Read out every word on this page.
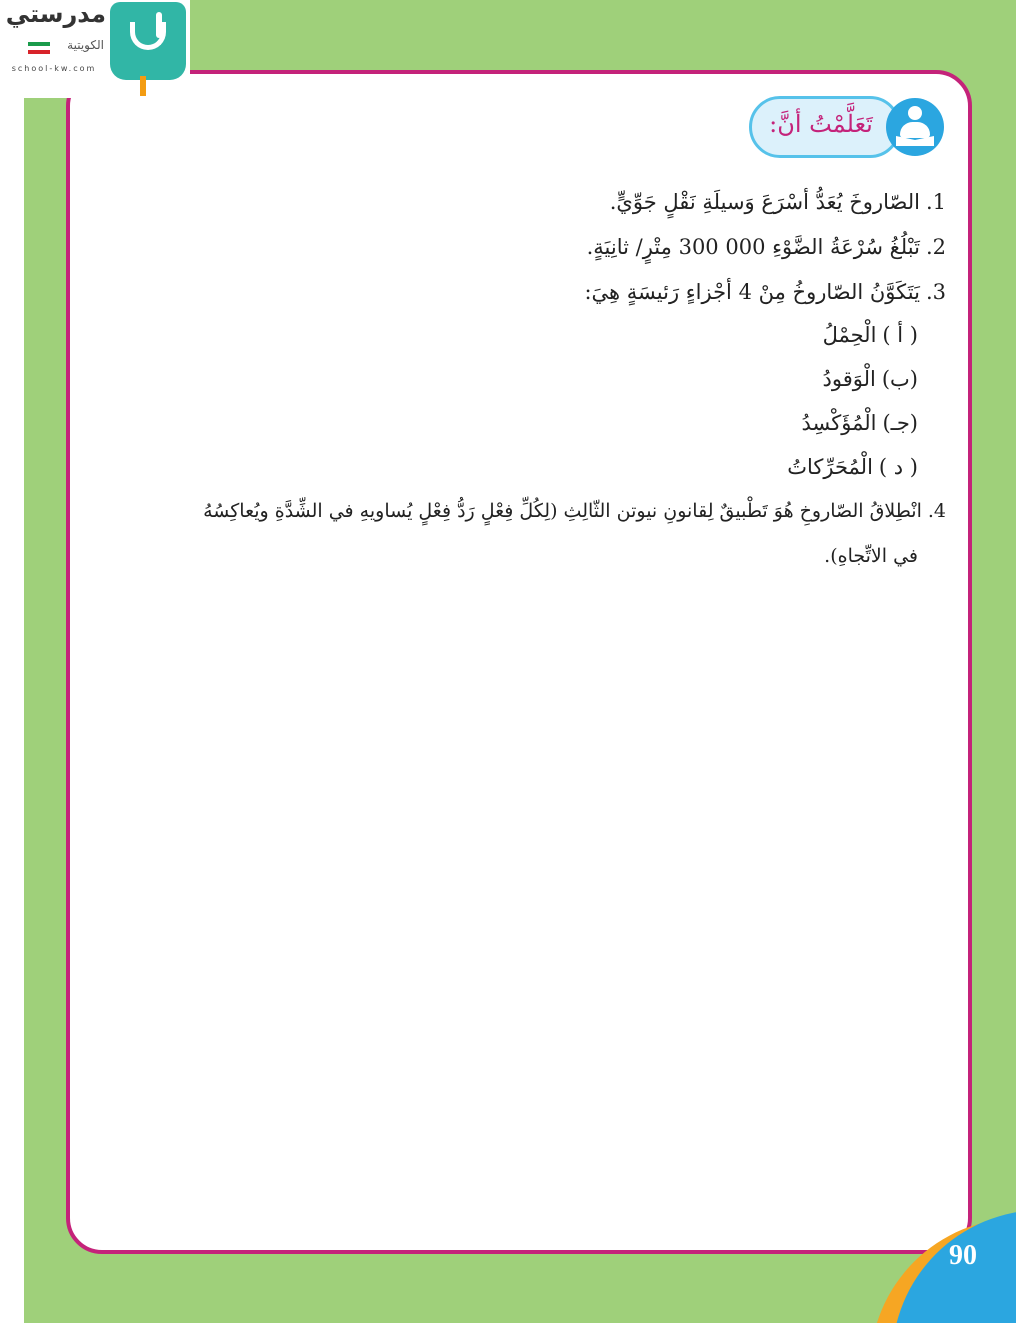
90
مدرستي
الكويتية
school-kw.com
تَعَلَّمْتُ أنَّ:
1.الصّاروخَ يُعَدُّ أسْرَعَ وَسيلَةِ نَقْلٍ جَوِّيٍّ.
2.تَبْلُغُ سُرْعَةُ الضَّوْءِ 000 300 مِتْرٍ/ ثانِيَةٍ.
3.يَتَكَوَّنُ الصّاروخُ مِنْ 4 أجْزاءٍ رَئيسَةٍ هِيَ:
( أ )الْحِمْلُ
(ب)الْوَقودُ
(جـ)الْمُؤَكْسِدُ
( د )الْمُحَرِّكاتُ
4.انْطِلاقُ الصّاروخِ هُوَ تَطْبيقٌ لِقانونِ نيوتن الثّالِثِ (لِكُلِّ فِعْلٍ رَدُّ فِعْلٍ يُساويهِ في الشِّدَّةِ ويُعاكِسُهُ
في الاتِّجاهِ).
